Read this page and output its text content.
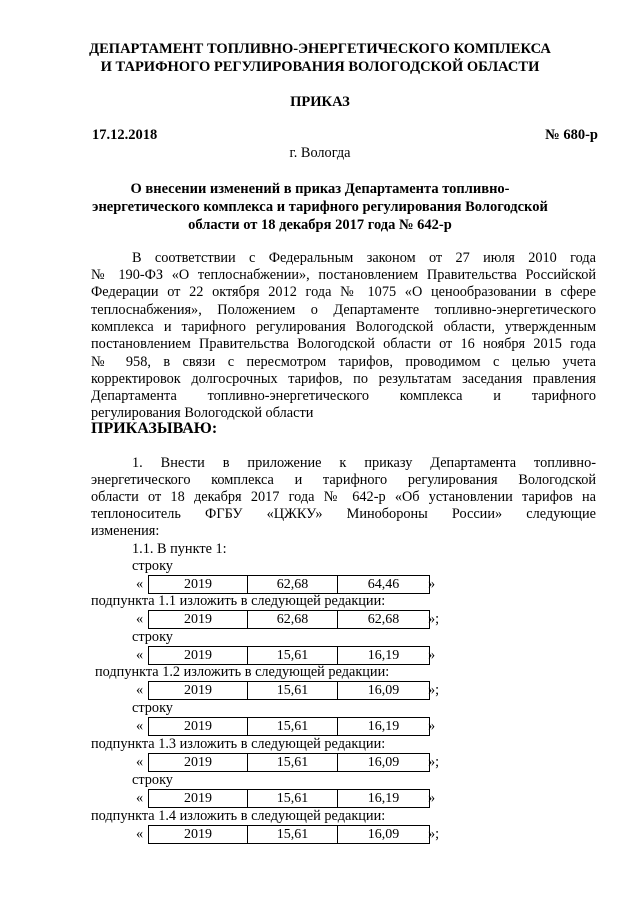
ДЕПАРТАМЕНТ ТОПЛИВНО-ЭНЕРГЕТИЧЕСКОГО КОМПЛЕКСА
И ТАРИФНОГО РЕГУЛИРОВАНИЯ ВОЛОГОДСКОЙ ОБЛАСТИ
ПРИКАЗ
17.12.2018	№ 680-р
г. Вологда
О внесении изменений в приказ Департамента топливно-
энергетического комплекса и тарифного регулирования Вологодской
области от 18 декабря 2017 года № 642-р
В соответствии с Федеральным законом от 27 июля 2010 года
№ 190-ФЗ «О теплоснабжении», постановлением Правительства Российской
Федерации от 22 октября 2012 года № 1075 «О ценообразовании в сфере
теплоснабжения», Положением о Департаменте топливно-энергетического
комплекса и тарифного регулирования Вологодской области, утвержденным
постановлением Правительства Вологодской области от 16 ноября 2015 года
№ 958, в связи с пересмотром тарифов, проводимом с целью учета
корректировок долгосрочных тарифов, по результатам заседания правления
Департамента топливно-энергетического комплекса и тарифного
регулирования Вологодской области
ПРИКАЗЫВАЮ:
1. Внести в приложение к приказу Департамента топливно-
энергетического комплекса и тарифного регулирования Вологодской
области от 18 декабря 2017 года № 642-р «Об установлении тарифов на
теплоноситель ФГБУ «ЦЖКУ» Минобороны России» следующие
изменения:
1.1. В пункте 1:
строку
«	2019	62,68	64,46 »
подпункта 1.1 изложить в следующей редакции:
«	2019	62,68	62,68 »;
строку
«	2019	15,61	16,19 »
подпункта 1.2 изложить в следующей редакции:
«	2019	15,61	16,09 »;
строку
«	2019	15,61	16,19 »
подпункта 1.3 изложить в следующей редакции:
«	2019	15,61	16,09 »;
строку
«	2019	15,61	16,19 »
подпункта 1.4 изложить в следующей редакции:
«	2019	15,61	16,09 »;
